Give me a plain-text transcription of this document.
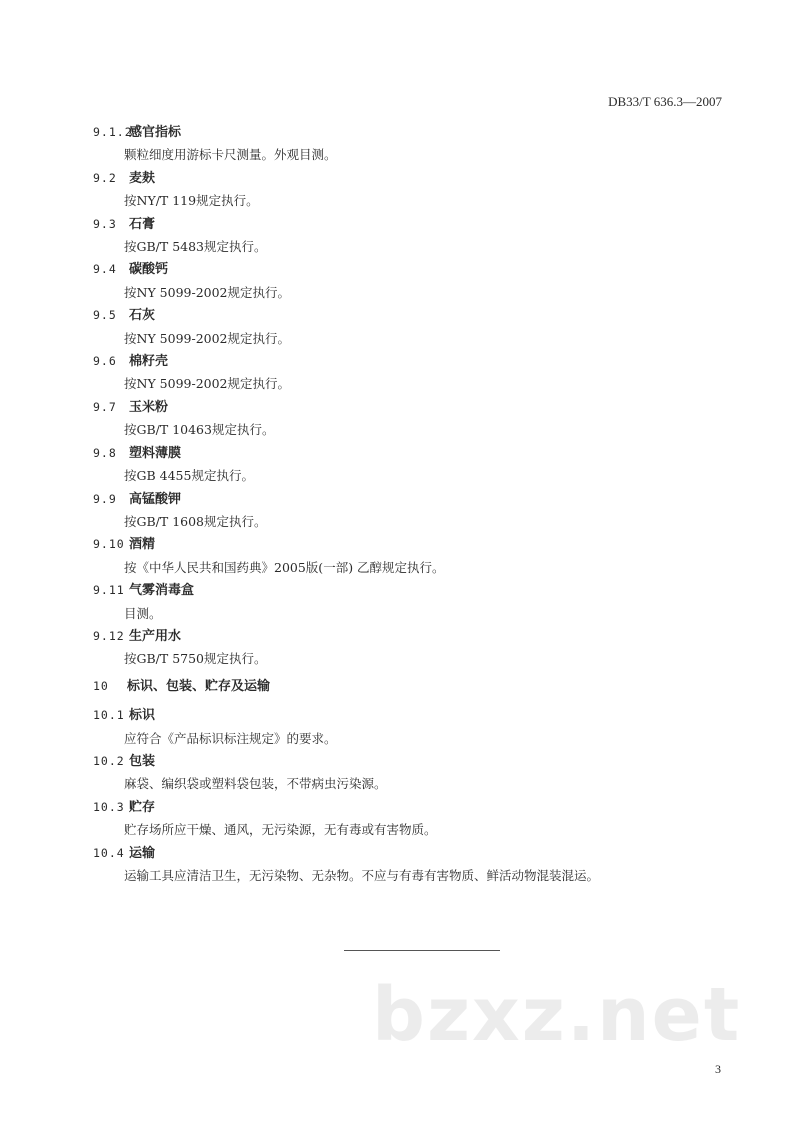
DB33/T 636.3—2007
9.1.2感官指标
颗粒细度用游标卡尺测量。外观目测。
9.2 麦麸
按NY/T 119规定执行。
9.3 石膏
按GB/T 5483规定执行。
9.4 碳酸钙
按NY 5099-2002规定执行。
9.5 石灰
按NY 5099-2002规定执行。
9.6 棉籽壳
按NY 5099-2002规定执行。
9.7 玉米粉
按GB/T 10463规定执行。
9.8 塑料薄膜
按GB 4455规定执行。
9.9 高锰酸钾
按GB/T 1608规定执行。
9.10 酒精
按《中华人民共和国药典》2005版(一部) 乙醇规定执行。
9.11 气雾消毒盒
目测。
9.12 生产用水
按GB/T 5750规定执行。
10 标识、包装、贮存及运输
10.1 标识
应符合《产品标识标注规定》的要求。
10.2 包装
麻袋、编织袋或塑料袋包装，不带病虫污染源。
10.3 贮存
贮存场所应干燥、通风，无污染源，无有毒或有害物质。
10.4 运输
运输工具应清洁卫生，无污染物、无杂物。不应与有毒有害物质、鲜活动物混装混运。
bzxz.net
3
